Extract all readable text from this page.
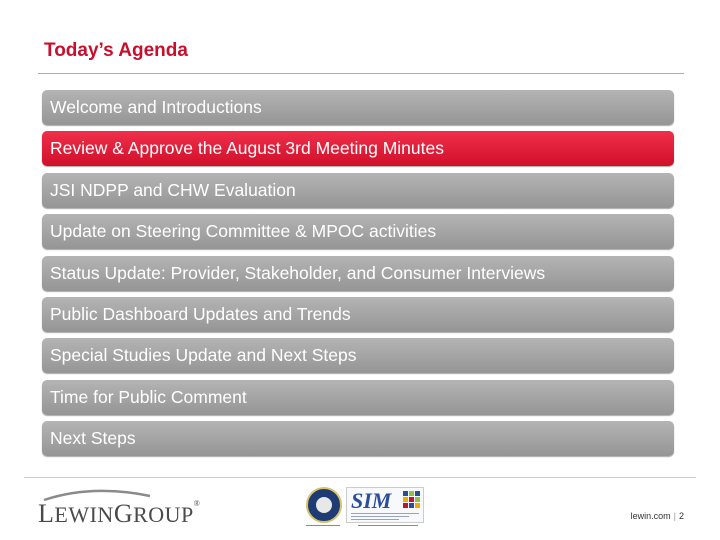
Today’s Agenda
Welcome and Introductions
Review & Approve the August 3rd Meeting Minutes
JSI NDPP and CHW Evaluation
Update on Steering Committee & MPOC activities
Status Update: Provider, Stakeholder, and Consumer Interviews
Public Dashboard Updates and Trends
Special Studies Update and Next Steps
Time for Public Comment
Next Steps
LEWINGROUP®	SIM
lewin.com | 2
